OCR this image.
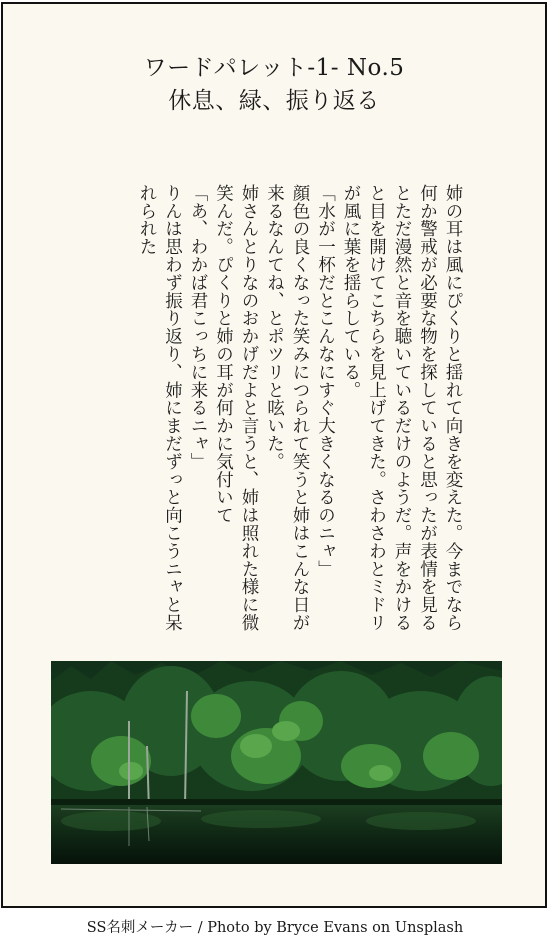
ワードパレット-1- No.5
休息、緑、振り返る

姉の耳は風にぴくりと揺れて向きを変えた。今までなら何か警戒が必要な物を探していると思ったが表情を見るとただ漫然と音を聴いているだけのようだ。声をかけると目を開けてこちらを見上げてきた。さわさわとミドリが風に葉を揺らしている。

「水が一杯だとこんなにすぐ大きくなるのニャ」

顔色の良くなった笑みにつられて笑うと姉はこんな日が来るなんてね、とポツリと呟いた。

姉さんとりなのおかげだよと言うと、姉は照れた様に微笑んだ。ぴくりと姉の耳が何かに気付いて

「あ、わかば君こっちに来るニャ」

りんは思わず振り返り、姉にまだずっと向こうニャと呆れられた

SS名刺メーカー / Photo by Bryce Evans on Unsplash
